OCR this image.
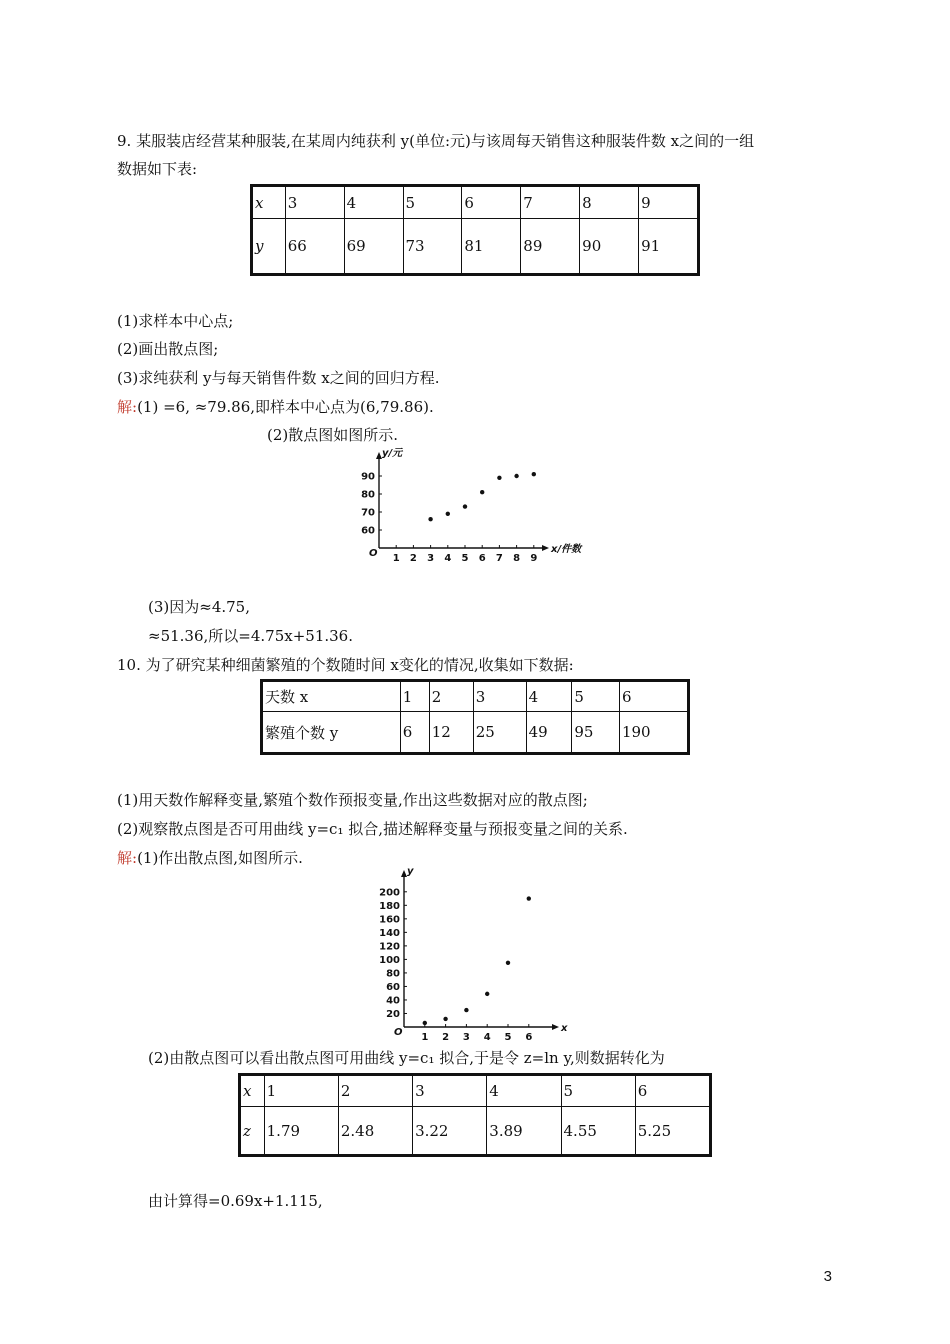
9. 某服装店经营某种服装,在某周内纯获利 y(单位:元)与该周每天销售这种服装件数 x之间的一组
数据如下表:
x	3	4	5	6	7	8	9
y	66	69	73	81	89	90	91
(1)求样本中心点;
(2)画出散点图;
(3)求纯获利 y与每天销售件数 x之间的回归方程.
解:(1) =6, ≈79.86,即样本中心点为(6,79.86).
(2)散点图如图所示.
O 1 2 3 4 5 6 7 8 9
60
70
80
90
x/件数
y/元
(3)因为≈4.75,
≈51.36,所以=4.75x+51.36.
10. 为了研究某种细菌繁殖的个数随时间 x变化的情况,收集如下数据:
天数 x	1	2	3	4	5	6
繁殖个数 y	6	12	25	49	95	190
(1)用天数作解释变量,繁殖个数作预报变量,作出这些数据对应的散点图;
(2)观察散点图是否可用曲线 y=c₁ 拟合,描述解释变量与预报变量之间的关系.
解:(1)作出散点图,如图所示.
O 1 2 3 4 5 6
20
40
60
80
100
120
140
160
180
200
x
y
(2)由散点图可以看出散点图可用曲线 y=c₁ 拟合,于是令 z=ln y,则数据转化为
x	1	2	3	4	5	6
z	1.79	2.48	3.22	3.89	4.55	5.25
由计算得=0.69x+1.115,
3
